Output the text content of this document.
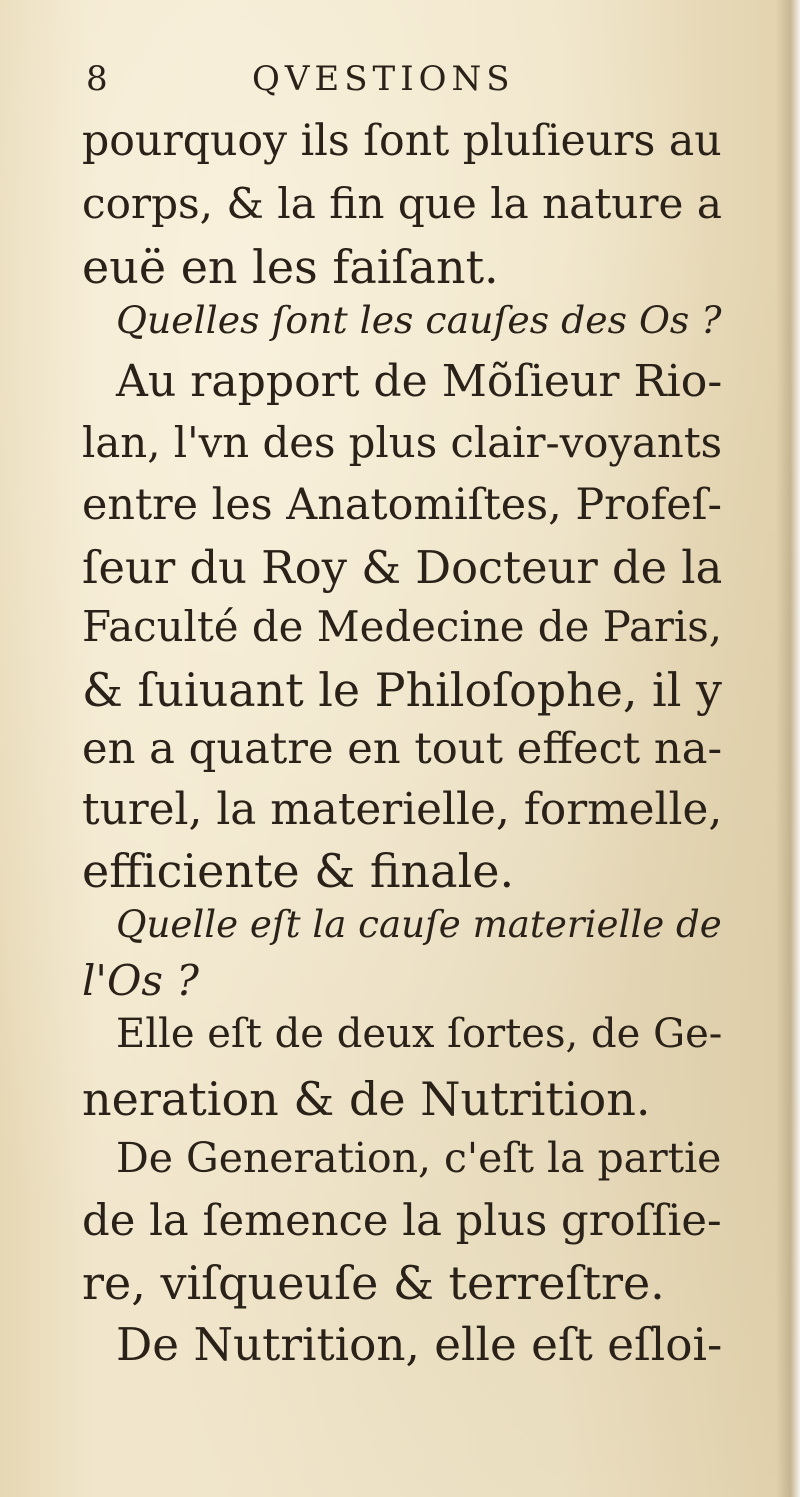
8	QVESTIONS
pourquoy ils ſont pluſieurs au
corps, & la fin que la nature a
euë en les faiſant.
Quelles ſont les cauſes des Os ?
Au rapport de Mõſieur Rio-
lan, l'vn des plus clair-voyants
entre les Anatomiſtes, Profeſ-
ſeur du Roy & Docteur de la
Faculté de Medecine de Paris,
& ſuiuant le Philoſophe, il y
en a quatre en tout effect na-
turel, la materielle, formelle,
efficiente & finale.
Quelle eſt la cauſe materielle de
l'Os ?
Elle eſt de deux ſortes, de Ge-
neration & de Nutrition.
De Generation, c'eſt la partie
de la ſemence la plus groſſie-
re, viſqueuſe & terreſtre.
De Nutrition, elle eſt eſloi-
